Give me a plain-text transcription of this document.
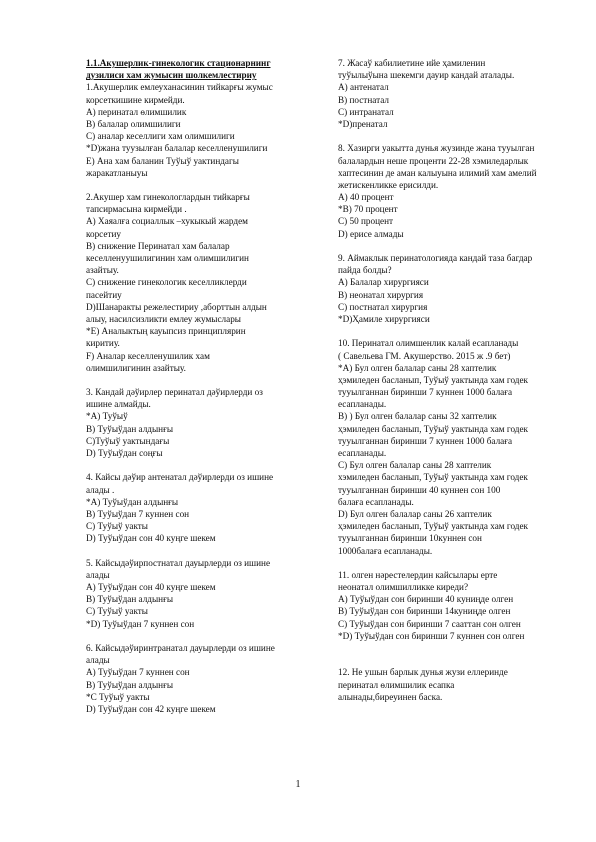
1.1.Акушерлик-гинекологик стационарнинг
дузилиси хам жумысин шолкемлестириу
1.Акушерлик емлеуханасинин тийкарғы жумыс
корсеткишине кирмейди.
А) перинатал өлимшилик
В) балалар олимшилиги
С) аналар кеселлиги хам олимшилиги
*D)жана туузылған балалар кеселленушилиги
Е) Ана хам баланин Туўыў уактиндагы
жаракатланыуы
2.Акушер хам гинекологлардын тийкарғы
тапсирмасына кирмейди .
А) Хаяалға социаллык –хукыкый жардем
корсетиу
В) снижение Перинатал хам балалар
кеселленуушилигинин хам олимшилигин
азайтыу.
С) снижение гинекологик кеселликлерди
пасейтиу
D)Шанаракты режелестириу ,аборттын алдын
алыу, насилсизликти емлеу жумыслары
*Е) Аналыктың кауыпсиз принциплярин
киритиу.
F) Аналар кеселленушилик хам
олимшилигинин азайтыу.
3. Кандай дәўирлер перинатал дәўирлерди оз
ишине алмайды.
*А) Туўыў
В) Туўыўдан алдынғы
С)Туўыў уактындағы
D) Туўыўдан соңғы
4. Кайсы дәўир антенатал дәўирлерди оз ишине
алады .
*А) Туўыўдан алдынғы
В) Туўыўдан 7 куннен сон
С) Туўыў уакты
D) Туўыўдан сон 40 куңге шекем
5. Кайсыдәўирпостнатал дауырлерди оз ишине
алады
А) Туўыўдан сон 40 куңге шекем
В) Туўыўдан алдынғы
С) Туўыў уакты
*D) Туўыўдан 7 куннен сон
6. Кайсыдәўиринтранатал дауырлерди оз ишине
алады
А) Туўыўдан 7 куннен сон
В) Туўыўдан алдынғы
*С Туўыў уакты
D) Туўыўдан сон 42 куңге шекем
7. Жасаў кабилиетине ийе ҳамиленин
туўылыўына шекемги дауир кандай аталады.
А) антенатал
В) постнатал
С) интранатал
*D)пренатал
8. Хазирги уакытта дунья жузинде жана тууылган
балалардын неше проценти 22-28 хэмиледарлык
хаптесинин де аман калыуына илимий хам амелий
жетискенликке ерисилди.
А) 40 процент
*В) 70 процент
С) 50 процент
D) ерисе алмады
9. Аймаклык перинатологияда кандай таза багдар
пайда болды?
А) Балалар хирургияси
В) неонатал хирургия
С) постнатал хирургия
*D)Ҳамиле хирургияси
10. Перинатал олимшенлик калай есапланады
( Савельева ГМ. Акушерство. 2015 ж .9 бет)
*А) Бул олген балалар саны 28 хаптелик
ҳэмиледен басланып, Туўыў уактында хам годек
тууылганнан биринши 7 куннен 1000 балаға
есапланады.
В) ) Бул олген балалар саны 32 хаптелик
ҳэмиледен басланып, Туўыў уактында хам годек
тууылганнан биринши 7 куннен 1000 балаға
есапланады.
С) Бул олген балалар саны 28 хаптелик
хэмиледен басланып, Туўыў уактында хам годек
тууылганнан биринши 40 куннен сон 100
балаға есапланады.
D) Бул олген балалар саны 26 хаптелик
ҳэмиледен басланып, Туўыў уактында хам годек
тууылганнан биринши 10куннен сон
1000балаға есапланады.
11. олген нәрестелердин кайсылары ерте
неонатал олимшилликке киреди?
А) Туўыўдан сон биринши 40 куниңде олген
В) Туўыўдан сон биринши 14куниңде олген
С) Туўыўдан сон биринши 7 сааттан сон олген
*D) Туўыўдан сон биринши 7 куннен сон олген
12. Не ушын барлык дунья жузи еллеринде
перинатал өлимшилик есапка
алынады,биреуинен баска.
1
